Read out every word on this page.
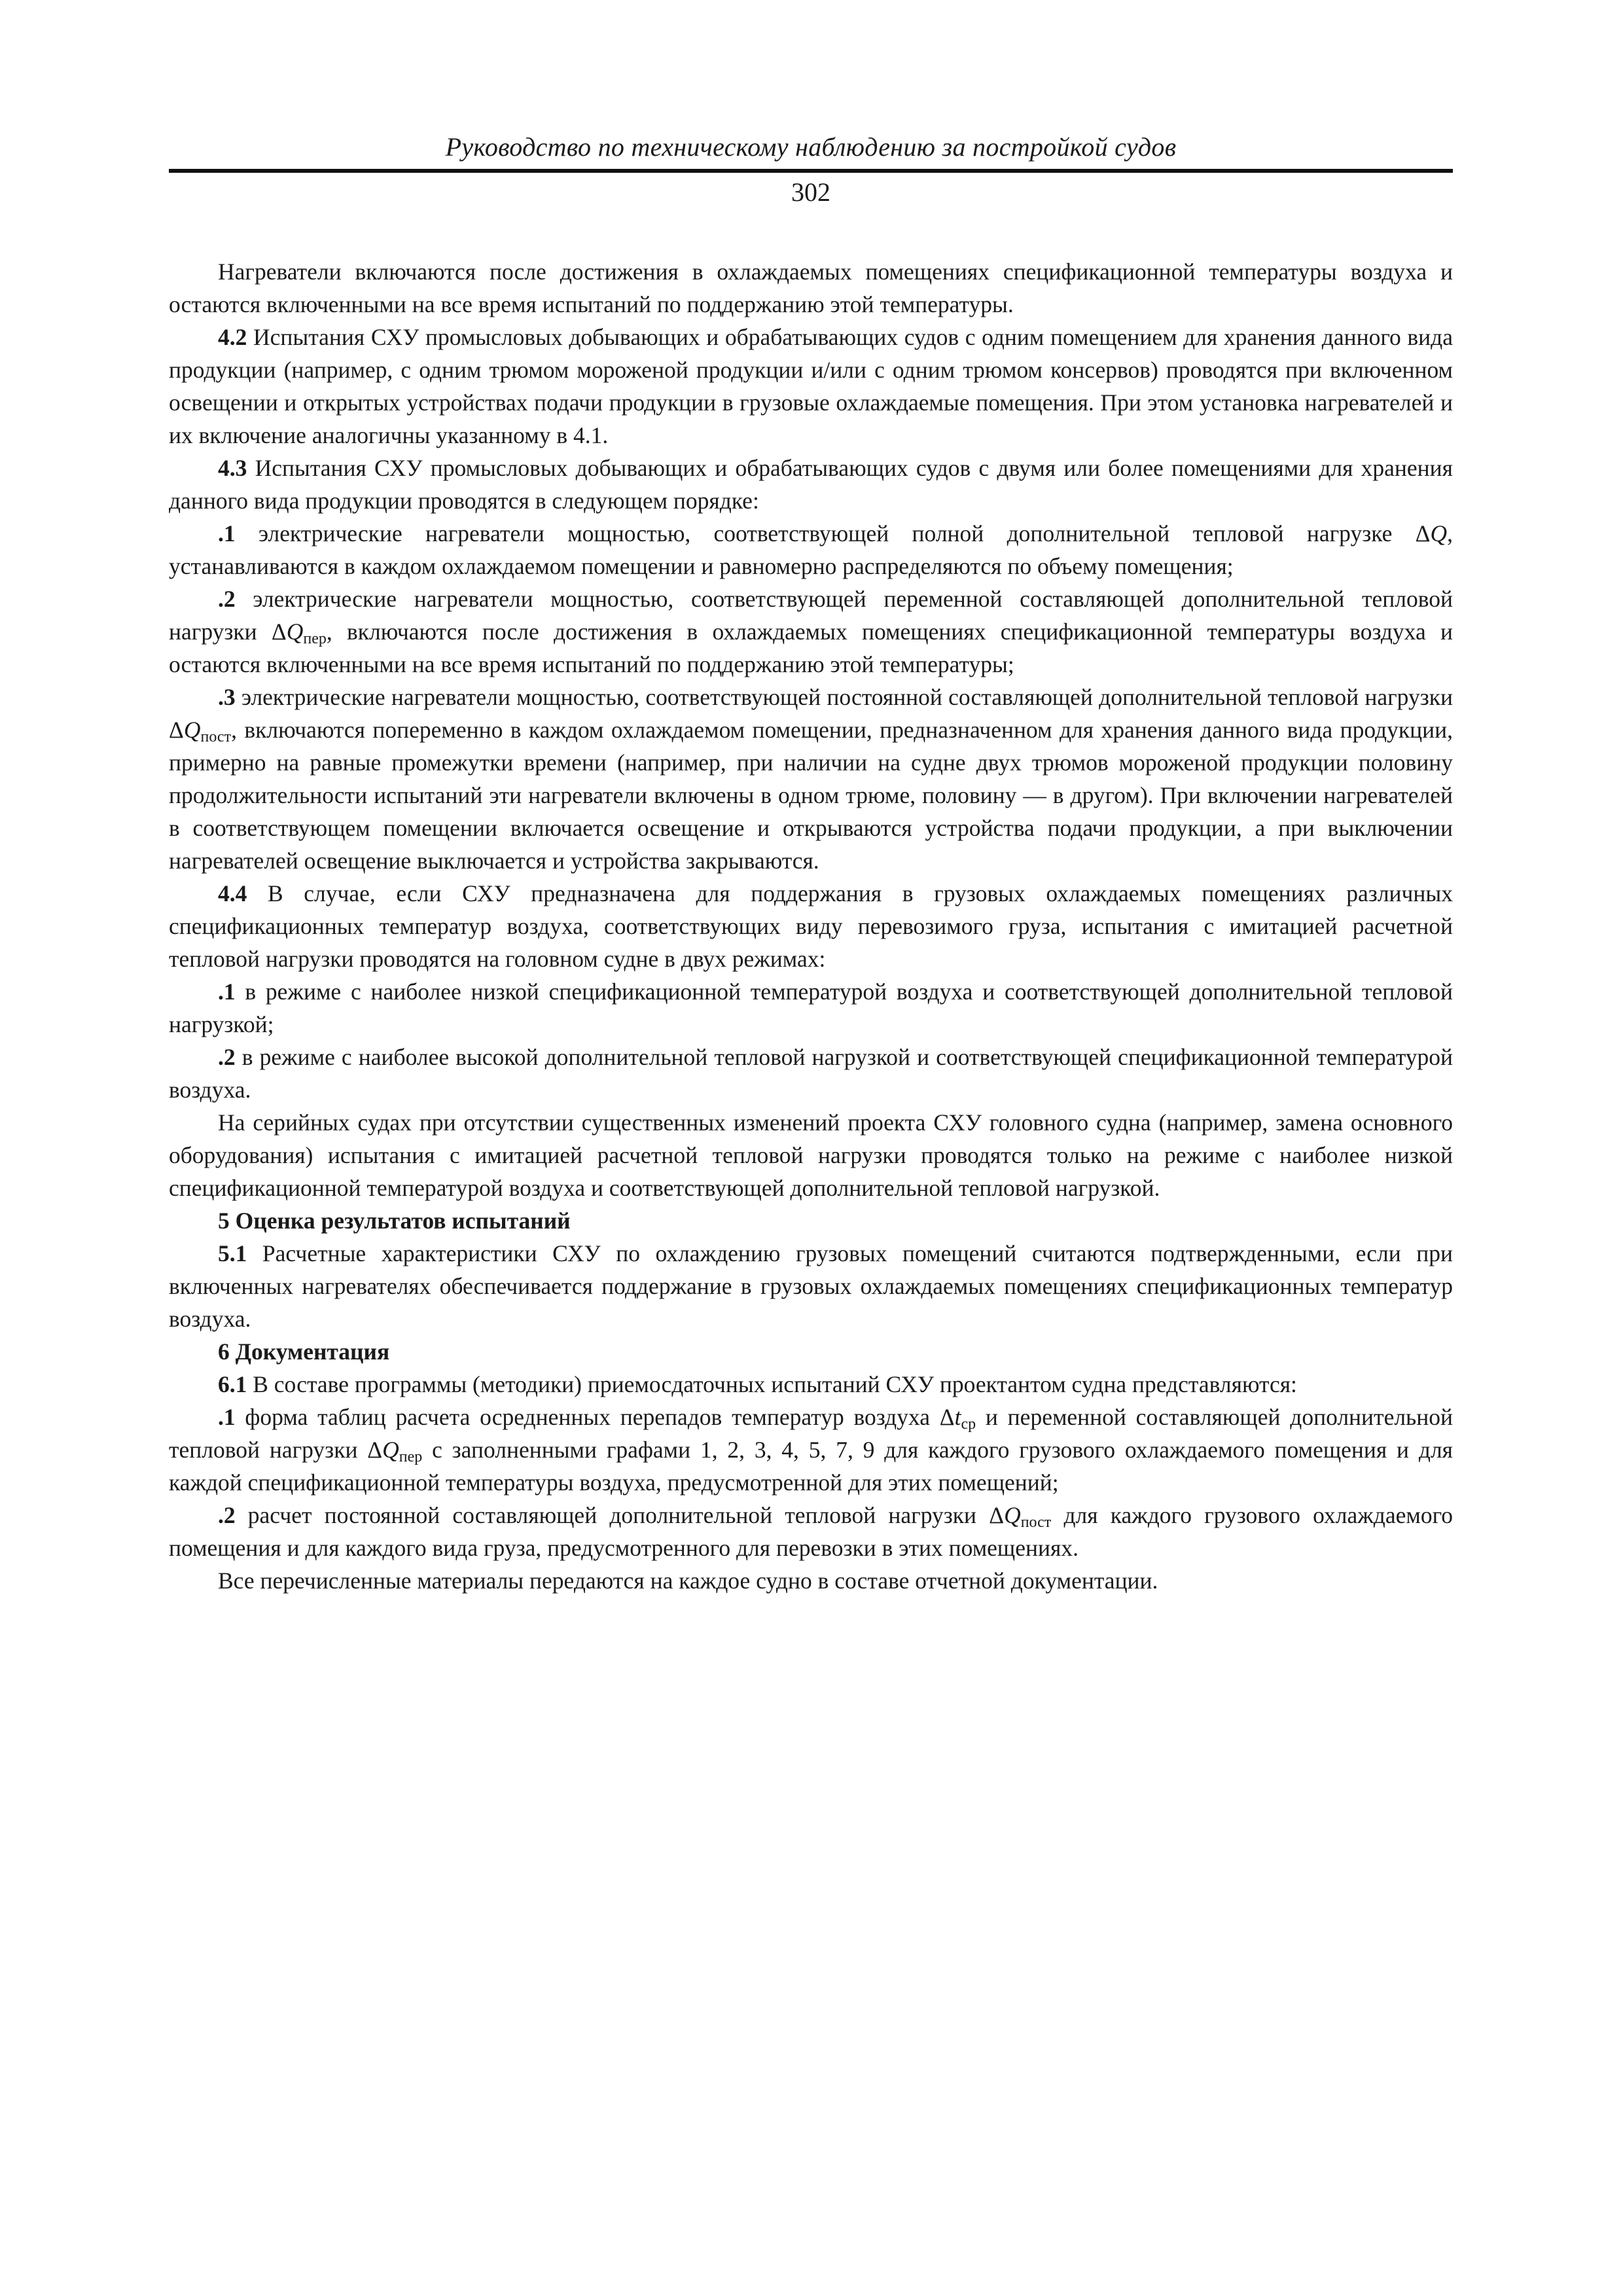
Руководство по техническому наблюдению за постройкой судов
302

Нагреватели включаются после достижения в охлаждаемых помещениях спецификационной температуры воздуха и остаются включенными на все время испытаний по поддержанию этой температуры.

4.2 Испытания СХУ промысловых добывающих и обрабатывающих судов с одним помещением для хранения данного вида продукции (например, с одним трюмом мороженой продукции и/или с одним трюмом консервов) проводятся при включенном освещении и открытых устройствах подачи продукции в грузовые охлаждаемые помещения. При этом установка нагревателей и их включение аналогичны указанному в 4.1.

4.3 Испытания СХУ промысловых добывающих и обрабатывающих судов с двумя или более помещениями для хранения данного вида продукции проводятся в следующем порядке:

.1 электрические нагреватели мощностью, соответствующей полной дополнительной тепловой нагрузке ΔQ, устанавливаются в каждом охлаждаемом помещении и равномерно распределяются по объему помещения;

.2 электрические нагреватели мощностью, соответствующей переменной составляющей дополнительной тепловой нагрузки $\Delta Q_{пер}$, включаются после достижения в охлаждаемых помещениях спецификационной температуры воздуха и остаются включенными на все время испытаний по поддержанию этой температуры;

.3 электрические нагреватели мощностью, соответствующей постоянной составляющей дополнительной тепловой нагрузки $\Delta Q_{пост}$, включаются попеременно в каждом охлаждаемом помещении, предназначенном для хранения данного вида продукции, примерно на равные промежутки времени (например, при наличии на судне двух трюмов мороженой продукции половину продолжительности испытаний эти нагреватели включены в одном трюме, половину — в другом). При включении нагревателей в соответствующем помещении включается освещение и открываются устройства подачи продукции, а при выключении нагревателей освещение выключается и устройства закрываются.

4.4 В случае, если СХУ предназначена для поддержания в грузовых охлаждаемых помещениях различных спецификационных температур воздуха, соответствующих виду перевозимого груза, испытания с имитацией расчетной тепловой нагрузки проводятся на головном судне в двух режимах:

.1 в режиме с наиболее низкой спецификационной температурой воздуха и соответствующей дополнительной тепловой нагрузкой;

.2 в режиме с наиболее высокой дополнительной тепловой нагрузкой и соответствующей спецификационной температурой воздуха.

На серийных судах при отсутствии существенных изменений проекта СХУ головного судна (например, замена основного оборудования) испытания с имитацией расчетной тепловой нагрузки проводятся только на режиме с наиболее низкой спецификационной температурой воздуха и соответствующей дополнительной тепловой нагрузкой.

5 Оценка результатов испытаний

5.1 Расчетные характеристики СХУ по охлаждению грузовых помещений считаются подтвержденными, если при включенных нагревателях обеспечивается поддержание в грузовых охлаждаемых помещениях спецификационных температур воздуха.

6 Документация

6.1 В составе программы (методики) приемосдаточных испытаний СХУ проектантом судна представляются:

.1 форма таблиц расчета осредненных перепадов температур воздуха $\Delta t_{ср}$ и переменной составляющей дополнительной тепловой нагрузки $\Delta Q_{пер}$ с заполненными графами 1, 2, 3, 4, 5, 7, 9 для каждого грузового охлаждаемого помещения и для каждой спецификационной температуры воздуха, предусмотренной для этих помещений;

.2 расчет постоянной составляющей дополнительной тепловой нагрузки $\Delta Q_{пост}$ для каждого грузового охлаждаемого помещения и для каждого вида груза, предусмотренного для перевозки в этих помещениях.

Все перечисленные материалы передаются на каждое судно в составе отчетной документации.
